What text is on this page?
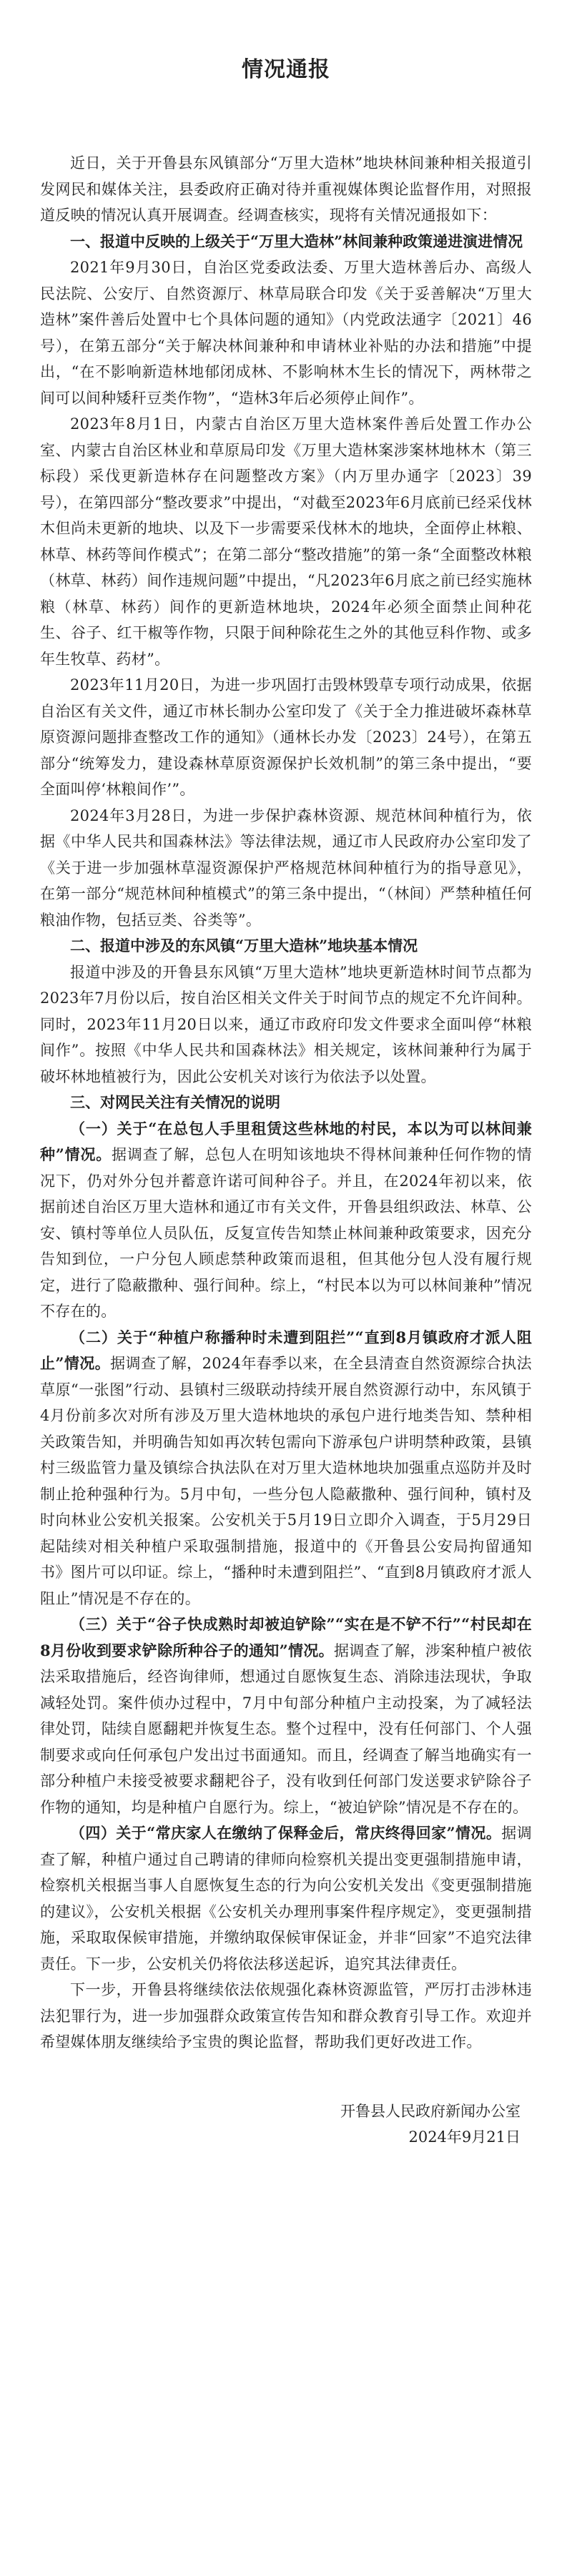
情况通报

近日，关于开鲁县东风镇部分“万里大造林”地块林间兼种相关报道引发网民和媒体关注，县委政府正确对待并重视媒体舆论监督作用，对照报道反映的情况认真开展调查。经调查核实，现将有关情况通报如下：

一、报道中反映的上级关于“万里大造林”林间兼种政策递进演进情况

2021年9月30日，自治区党委政法委、万里大造林善后办、高级人民法院、公安厅、自然资源厅、林草局联合印发《关于妥善解决“万里大造林”案件善后处置中七个具体问题的通知》（内党政法通字〔2021〕46号），在第五部分“关于解决林间兼种和申请林业补贴的办法和措施”中提出，“在不影响新造林地郁闭成林、不影响林木生长的情况下，两林带之间可以间种矮秆豆类作物”，“造林3年后必须停止间作”。

2023年8月1日，内蒙古自治区万里大造林案件善后处置工作办公室、内蒙古自治区林业和草原局印发《万里大造林案涉案林地林木（第三标段）采伐更新造林存在问题整改方案》（内万里办通字〔2023〕39号），在第四部分“整改要求”中提出，“对截至2023年6月底前已经采伐林木但尚未更新的地块、以及下一步需要采伐林木的地块，全面停止林粮、林草、林药等间作模式”；在第二部分“整改措施”的第一条“全面整改林粮（林草、林药）间作违规问题”中提出，“凡2023年6月底之前已经实施林粮（林草、林药）间作的更新造林地块，2024年必须全面禁止间种花生、谷子、红干椒等作物，只限于间种除花生之外的其他豆科作物、或多年生牧草、药材”。

2023年11月20日，为进一步巩固打击毁林毁草专项行动成果，依据自治区有关文件，通辽市林长制办公室印发了《关于全力推进破坏森林草原资源问题排查整改工作的通知》（通林长办发〔2023〕24号），在第五部分“统筹发力，建设森林草原资源保护长效机制”的第三条中提出，“要全面叫停‘林粮间作’”。

2024年3月28日，为进一步保护森林资源、规范林间种植行为，依据《中华人民共和国森林法》等法律法规，通辽市人民政府办公室印发了《关于进一步加强林草湿资源保护严格规范林间种植行为的指导意见》，在第一部分“规范林间种植模式”的第三条中提出，“（林间）严禁种植任何粮油作物，包括豆类、谷类等”。

二、报道中涉及的东风镇“万里大造林”地块基本情况

报道中涉及的开鲁县东风镇“万里大造林”地块更新造林时间节点都为2023年7月份以后，按自治区相关文件关于时间节点的规定不允许间种。同时，2023年11月20日以来，通辽市政府印发文件要求全面叫停“林粮间作”。按照《中华人民共和国森林法》相关规定，该林间兼种行为属于破坏林地植被行为，因此公安机关对该行为依法予以处置。

三、对网民关注有关情况的说明

（一）关于“在总包人手里租赁这些林地的村民，本以为可以林间兼种”情况。据调查了解，总包人在明知该地块不得林间兼种任何作物的情况下，仍对外分包并蓄意许诺可间种谷子。并且，在2024年初以来，依据前述自治区万里大造林和通辽市有关文件，开鲁县组织政法、林草、公安、镇村等单位人员队伍，反复宣传告知禁止林间兼种政策要求，因充分告知到位，一户分包人顾虑禁种政策而退租，但其他分包人没有履行规定，进行了隐蔽撒种、强行间种。综上，“村民本以为可以林间兼种”情况不存在的。

（二）关于“种植户称播种时未遭到阻拦”“直到8月镇政府才派人阻止”情况。据调查了解，2024年春季以来，在全县清查自然资源综合执法草原“一张图”行动、县镇村三级联动持续开展自然资源行动中，东风镇于4月份前多次对所有涉及万里大造林地块的承包户进行地类告知、禁种相关政策告知，并明确告知如再次转包需向下游承包户讲明禁种政策，县镇村三级监管力量及镇综合执法队在对万里大造林地块加强重点巡防并及时制止抢种强种行为。5月中旬，一些分包人隐蔽撒种、强行间种，镇村及时向林业公安机关报案。公安机关于5月19日立即介入调查，于5月29日起陆续对相关种植户采取强制措施，报道中的《开鲁县公安局拘留通知书》图片可以印证。综上，“播种时未遭到阻拦”、“直到8月镇政府才派人阻止”情况是不存在的。

（三）关于“谷子快成熟时却被迫铲除”“实在是不铲不行”“村民却在8月份收到要求铲除所种谷子的通知”情况。据调查了解，涉案种植户被依法采取措施后，经咨询律师，想通过自愿恢复生态、消除违法现状，争取减轻处罚。案件侦办过程中，7月中旬部分种植户主动投案，为了减轻法律处罚，陆续自愿翻耙并恢复生态。整个过程中，没有任何部门、个人强制要求或向任何承包户发出过书面通知。而且，经调查了解当地确实有一部分种植户未接受被要求翻耙谷子，没有收到任何部门发送要求铲除谷子作物的通知，均是种植户自愿行为。综上，“被迫铲除”情况是不存在的。

（四）关于“常庆家人在缴纳了保释金后，常庆终得回家”情况。据调查了解，种植户通过自己聘请的律师向检察机关提出变更强制措施申请，检察机关根据当事人自愿恢复生态的行为向公安机关发出《变更强制措施的建议》，公安机关根据《公安机关办理刑事案件程序规定》，变更强制措施，采取取保候审措施，并缴纳取保候审保证金，并非“回家”不追究法律责任。下一步，公安机关仍将依法移送起诉，追究其法律责任。

下一步，开鲁县将继续依法依规强化森林资源监管，严厉打击涉林违法犯罪行为，进一步加强群众政策宣传告知和群众教育引导工作。欢迎并希望媒体朋友继续给予宝贵的舆论监督，帮助我们更好改进工作。

开鲁县人民政府新闻办公室

2024年9月21日
